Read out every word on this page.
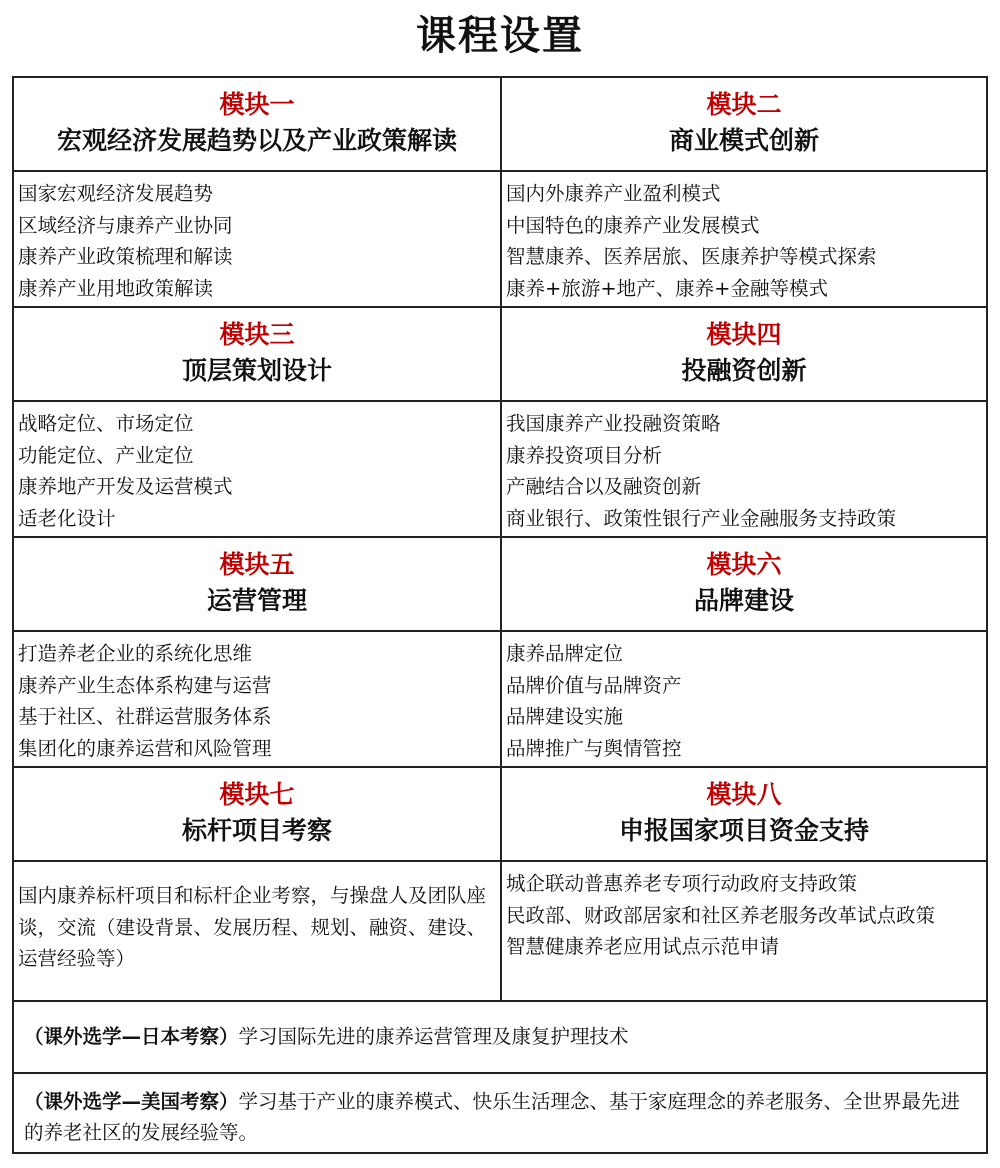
课程设置
模块一
宏观经济发展趋势以及产业政策解读
模块二
商业模式创新
国家宏观经济发展趋势
区域经济与康养产业协同
康养产业政策梳理和解读
康养产业用地政策解读
国内外康养产业盈利模式
中国特色的康养产业发展模式
智慧康养、医养居旅、医康养护等模式探索
康养+旅游+地产、康养+金融等模式
模块三
顶层策划设计
模块四
投融资创新
战略定位、市场定位
功能定位、产业定位
康养地产开发及运营模式
适老化设计
我国康养产业投融资策略
康养投资项目分析
产融结合以及融资创新
商业银行、政策性银行产业金融服务支持政策
模块五
运营管理
模块六
品牌建设
打造养老企业的系统化思维
康养产业生态体系构建与运营
基于社区、社群运营服务体系
集团化的康养运营和风险管理
康养品牌定位
品牌价值与品牌资产
品牌建设实施
品牌推广与舆情管控
模块七
标杆项目考察
模块八
申报国家项目资金支持
国内康养标杆项目和标杆企业考察，与操盘人及团队座谈，交流（建设背景、发展历程、规划、融资、建设、运营经验等）
城企联动普惠养老专项行动政府支持政策
民政部、财政部居家和社区养老服务改革试点政策
智慧健康养老应用试点示范申请
（课外选学—日本考察）学习国际先进的康养运营管理及康复护理技术
（课外选学—美国考察）学习基于产业的康养模式、快乐生活理念、基于家庭理念的养老服务、全世界最先进的养老社区的发展经验等。
